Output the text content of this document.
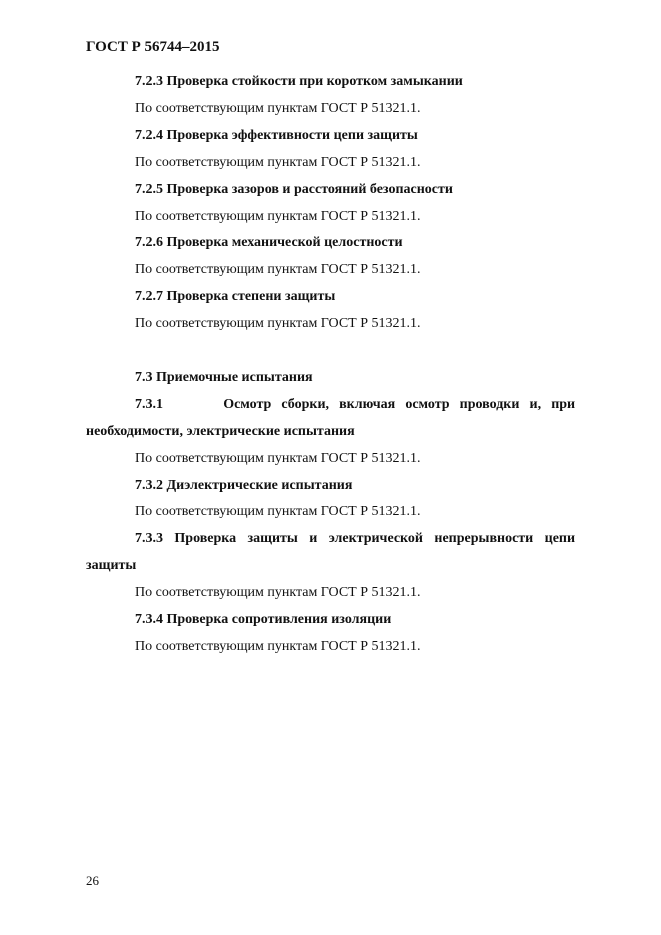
ГОСТ Р 56744–2015
7.2.3 Проверка стойкости при коротком замыкании
По соответствующим пунктам ГОСТ Р 51321.1.
7.2.4 Проверка эффективности цепи защиты
По соответствующим пунктам ГОСТ Р 51321.1.
7.2.5 Проверка зазоров и расстояний безопасности
По соответствующим пунктам ГОСТ Р 51321.1.
7.2.6 Проверка механической целостности
По соответствующим пунктам ГОСТ Р 51321.1.
7.2.7 Проверка степени защиты
По соответствующим пунктам ГОСТ Р 51321.1.
7.3 Приемочные испытания
7.3.1	Осмотр сборки, включая осмотр проводки и, при
необходимости, электрические испытания
По соответствующим пунктам ГОСТ Р 51321.1.
7.3.2 Диэлектрические испытания
По соответствующим пунктам ГОСТ Р 51321.1.
7.3.3 Проверка защиты и электрической непрерывности цепи
защиты
По соответствующим пунктам ГОСТ Р 51321.1.
7.3.4 Проверка сопротивления изоляции
По соответствующим пунктам ГОСТ Р 51321.1.
26
